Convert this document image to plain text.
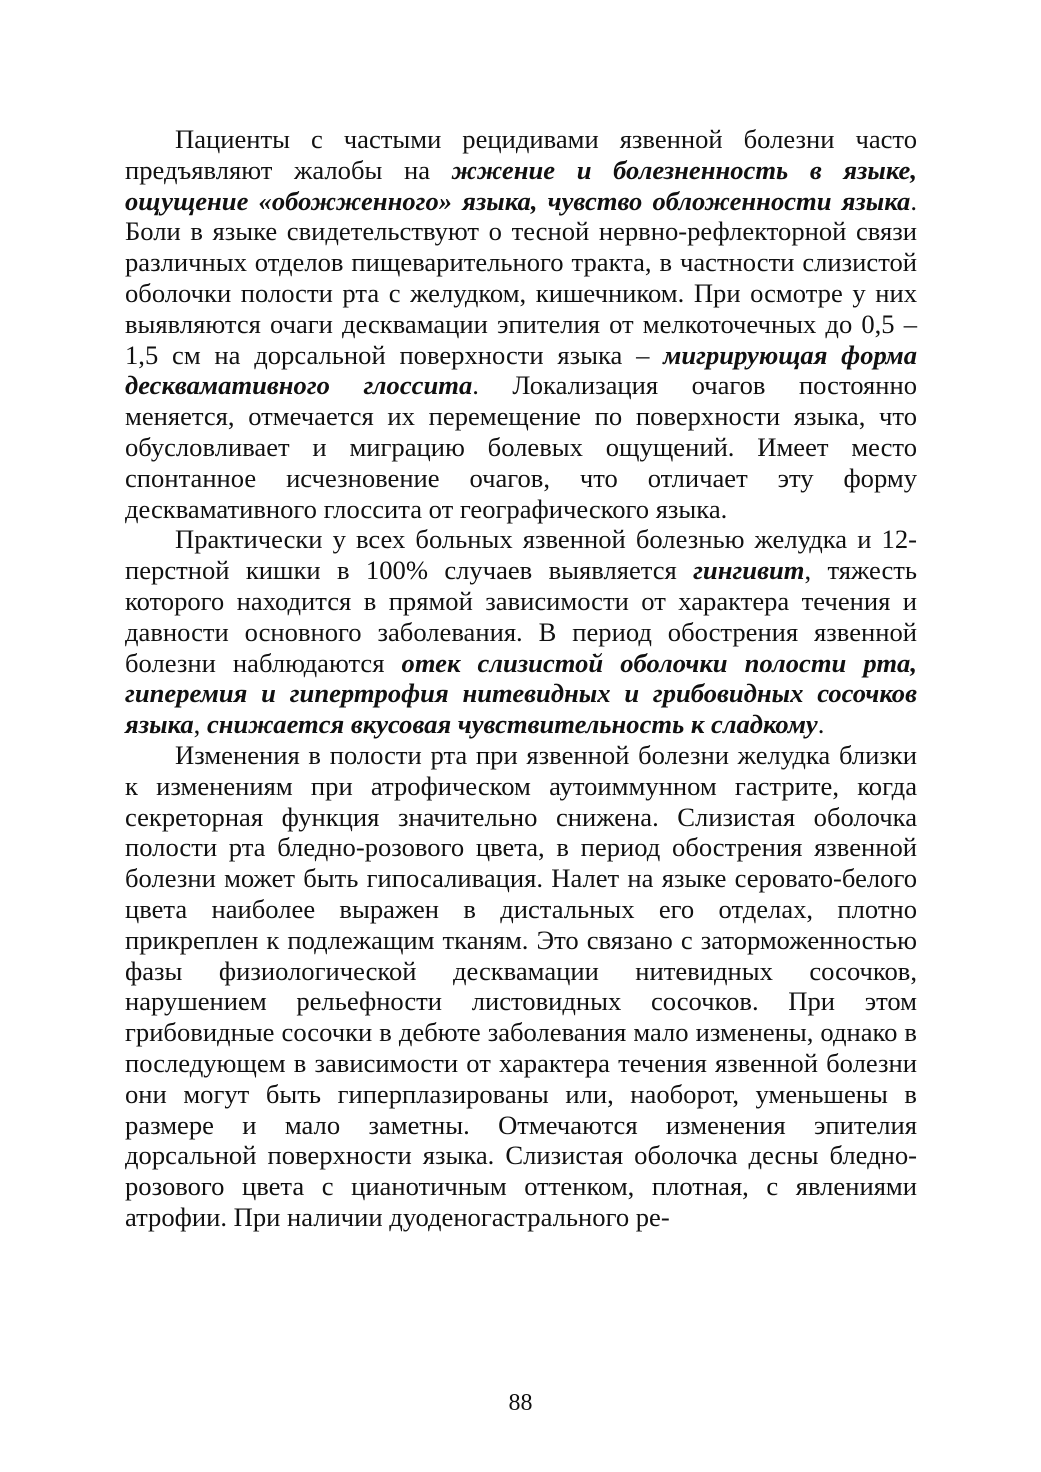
Пациенты с частыми рецидивами язвенной болезни часто предъявляют жалобы на жжение и болезненность в языке, ощущение «обожженного» языка, чувство обложенности языка. Боли в языке свидетельствуют о тесной нервно-рефлекторной связи различных отделов пищеварительного тракта, в частности слизистой оболочки полости рта с желудком, кишечником. При осмотре у них выявляются очаги десквамации эпителия от мелкоточечных до 0,5 – 1,5 см на дорсальной поверхности языка – мигрирующая форма десквамативного глоссита. Локализация очагов постоянно меняется, отмечается их перемещение по поверхности языка, что обусловливает и миграцию болевых ощущений. Имеет место спонтанное исчезновение очагов, что отличает эту форму десквамативного глоссита от географического языка.

Практически у всех больных язвенной болезнью желудка и 12-перстной кишки в 100% случаев выявляется гингивит, тяжесть которого находится в прямой зависимости от характера течения и давности основного заболевания. В период обострения язвенной болезни наблюдаются отек слизистой оболочки полости рта, гиперемия и гипертрофия нитевидных и грибовидных сосочков языка, снижается вкусовая чувствительность к сладкому.

Изменения в полости рта при язвенной болезни желудка близки к изменениям при атрофическом аутоиммунном гастрите, когда секреторная функция значительно снижена. Слизистая оболочка полости рта бледно-розового цвета, в период обострения язвенной болезни может быть гипосаливация. Налет на языке серовато-белого цвета наиболее выражен в дистальных его отделах, плотно прикреплен к подлежащим тканям. Это связано с заторможенностью фазы физиологической десквамации нитевидных сосочков, нарушением рельефности листовидных сосочков. При этом грибовидные сосочки в дебюте заболевания мало изменены, однако в последующем в зависимости от характера течения язвенной болезни они могут быть гиперплазированы или, наоборот, уменьшены в размере и мало заметны. Отмечаются изменения эпителия дорсальной поверхности языка. Слизистая оболочка десны бледно-розового цвета с цианотичным оттенком, плотная, с явлениями атрофии. При наличии дуоденогастрального ре-

88
